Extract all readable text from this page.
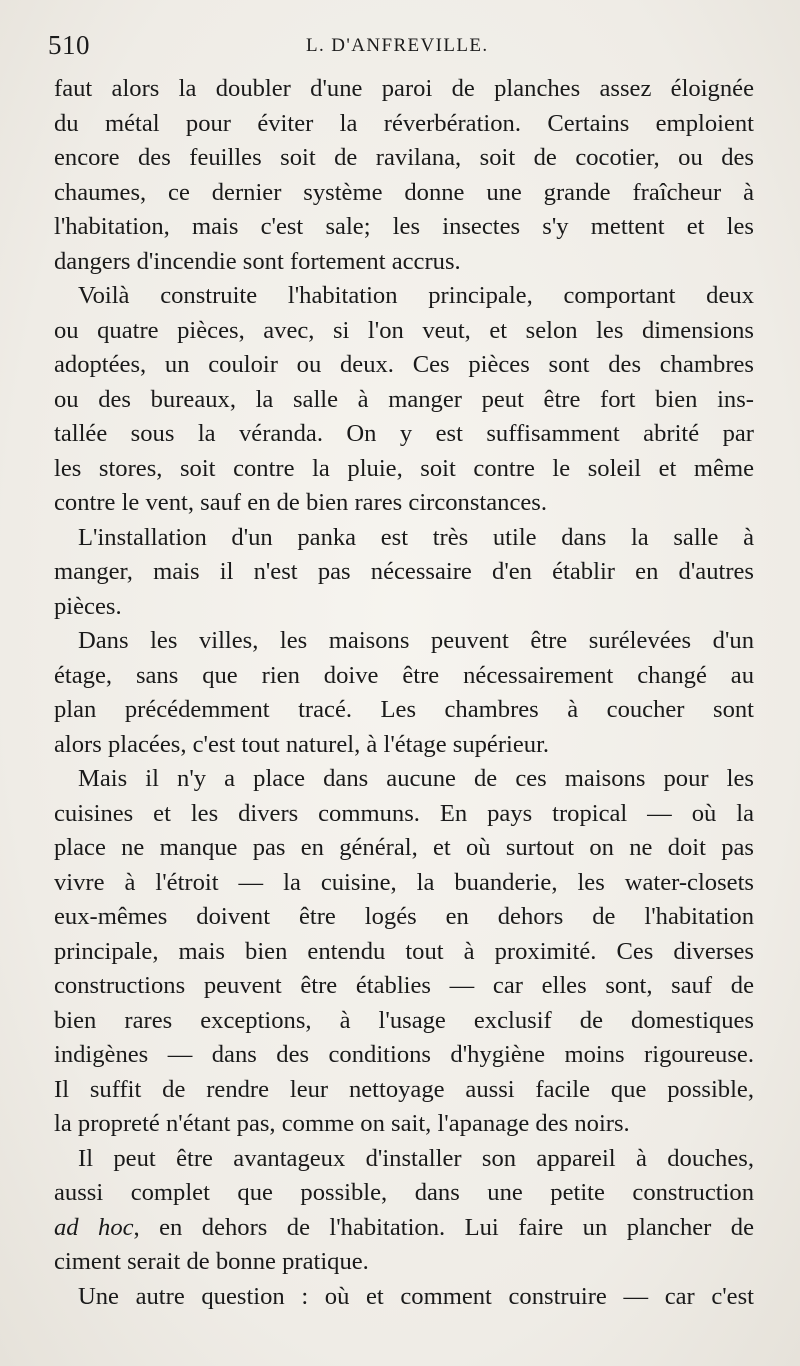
510	L. D'ANFREVILLE.
faut alors la doubler d'une paroi de planches assez éloignée
du métal pour éviter la réverbération. Certains emploient
encore des feuilles soit de ravilana, soit de cocotier, ou des
chaumes, ce dernier système donne une grande fraîcheur à
l'habitation, mais c'est sale; les insectes s'y mettent et les
dangers d'incendie sont fortement accrus.
Voilà construite l'habitation principale, comportant deux
ou quatre pièces, avec, si l'on veut, et selon les dimensions
adoptées, un couloir ou deux. Ces pièces sont des chambres
ou des bureaux, la salle à manger peut être fort bien ins-
tallée sous la véranda. On y est suffisamment abrité par
les stores, soit contre la pluie, soit contre le soleil et même
contre le vent, sauf en de bien rares circonstances.
L'installation d'un panka est très utile dans la salle à
manger, mais il n'est pas nécessaire d'en établir en d'autres
pièces.
Dans les villes, les maisons peuvent être surélevées d'un
étage, sans que rien doive être nécessairement changé au
plan précédemment tracé. Les chambres à coucher sont
alors placées, c'est tout naturel, à l'étage supérieur.
Mais il n'y a place dans aucune de ces maisons pour les
cuisines et les divers communs. En pays tropical — où la
place ne manque pas en général, et où surtout on ne doit pas
vivre à l'étroit — la cuisine, la buanderie, les water-closets
eux-mêmes doivent être logés en dehors de l'habitation
principale, mais bien entendu tout à proximité. Ces diverses
constructions peuvent être établies — car elles sont, sauf de
bien rares exceptions, à l'usage exclusif de domestiques
indigènes — dans des conditions d'hygiène moins rigoureuse.
Il suffit de rendre leur nettoyage aussi facile que possible,
la propreté n'étant pas, comme on sait, l'apanage des noirs.
Il peut être avantageux d'installer son appareil à douches,
aussi complet que possible, dans une petite construction
ad hoc, en dehors de l'habitation. Lui faire un plancher de
ciment serait de bonne pratique.
Une autre question : où et comment construire — car c'est
